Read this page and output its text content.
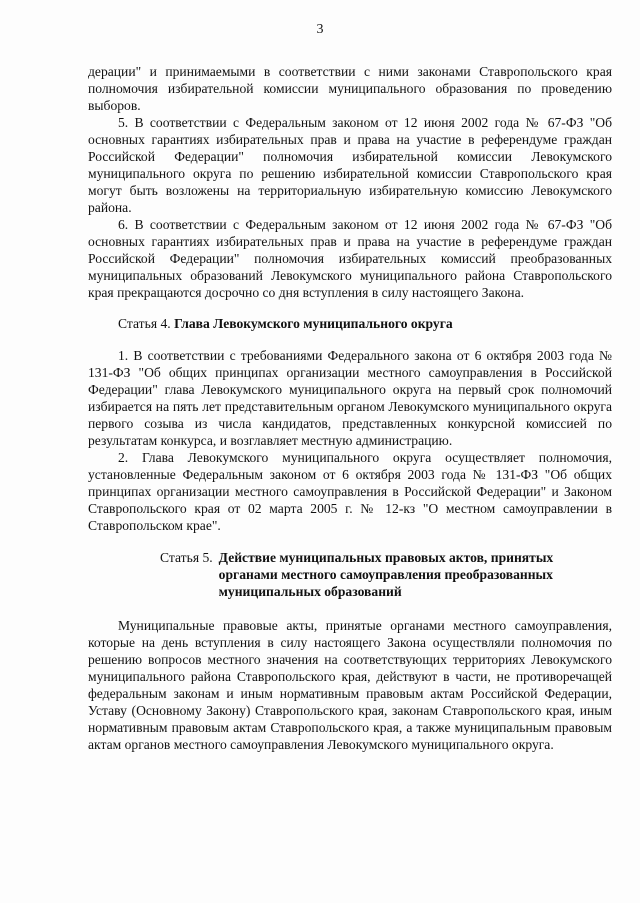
3

дерации" и принимаемыми в соответствии с ними законами Ставропольского края полномочия избирательной комиссии муниципального образования по проведению выборов.

5. В соответствии с Федеральным законом от 12 июня 2002 года № 67-ФЗ "Об основных гарантиях избирательных прав и права на участие в референдуме граждан Российской Федерации" полномочия избирательной комиссии Левокумского муниципального округа по решению избирательной комиссии Ставропольского края могут быть возложены на территориальную избирательную комиссию Левокумского района.

6. В соответствии с Федеральным законом от 12 июня 2002 года № 67-ФЗ "Об основных гарантиях избирательных прав и права на участие в референдуме граждан Российской Федерации" полномочия избирательных комиссий преобразованных муниципальных образований Левокумского муниципального района Ставропольского края прекращаются досрочно со дня вступления в силу настоящего Закона.

Статья 4. Глава Левокумского муниципального округа

1. В соответствии с требованиями Федерального закона от 6 октября 2003 года № 131-ФЗ "Об общих принципах организации местного самоуправления в Российской Федерации" глава Левокумского муниципального округа на первый срок полномочий избирается на пять лет представительным органом Левокумского муниципального округа первого созыва из числа кандидатов, представленных конкурсной комиссией по результатам конкурса, и возглавляет местную администрацию.

2. Глава Левокумского муниципального округа осуществляет полномочия, установленные Федеральным законом от 6 октября 2003 года № 131-ФЗ "Об общих принципах организации местного самоуправления в Российской Федерации" и Законом Ставропольского края от 02 марта 2005 г. № 12-кз "О местном самоуправлении в Ставропольском крае".

Статья 5. Действие муниципальных правовых актов, принятых органами местного самоуправления преобразованных муниципальных образований

Муниципальные правовые акты, принятые органами местного самоуправления, которые на день вступления в силу настоящего Закона осуществляли полномочия по решению вопросов местного значения на соответствующих территориях Левокумского муниципального района Ставропольского края, действуют в части, не противоречащей федеральным законам и иным нормативным правовым актам Российской Федерации, Уставу (Основному Закону) Ставропольского края, законам Ставропольского края, иным нормативным правовым актам Ставропольского края, а также муниципальным правовым актам органов местного самоуправления Левокумского муниципального округа.
